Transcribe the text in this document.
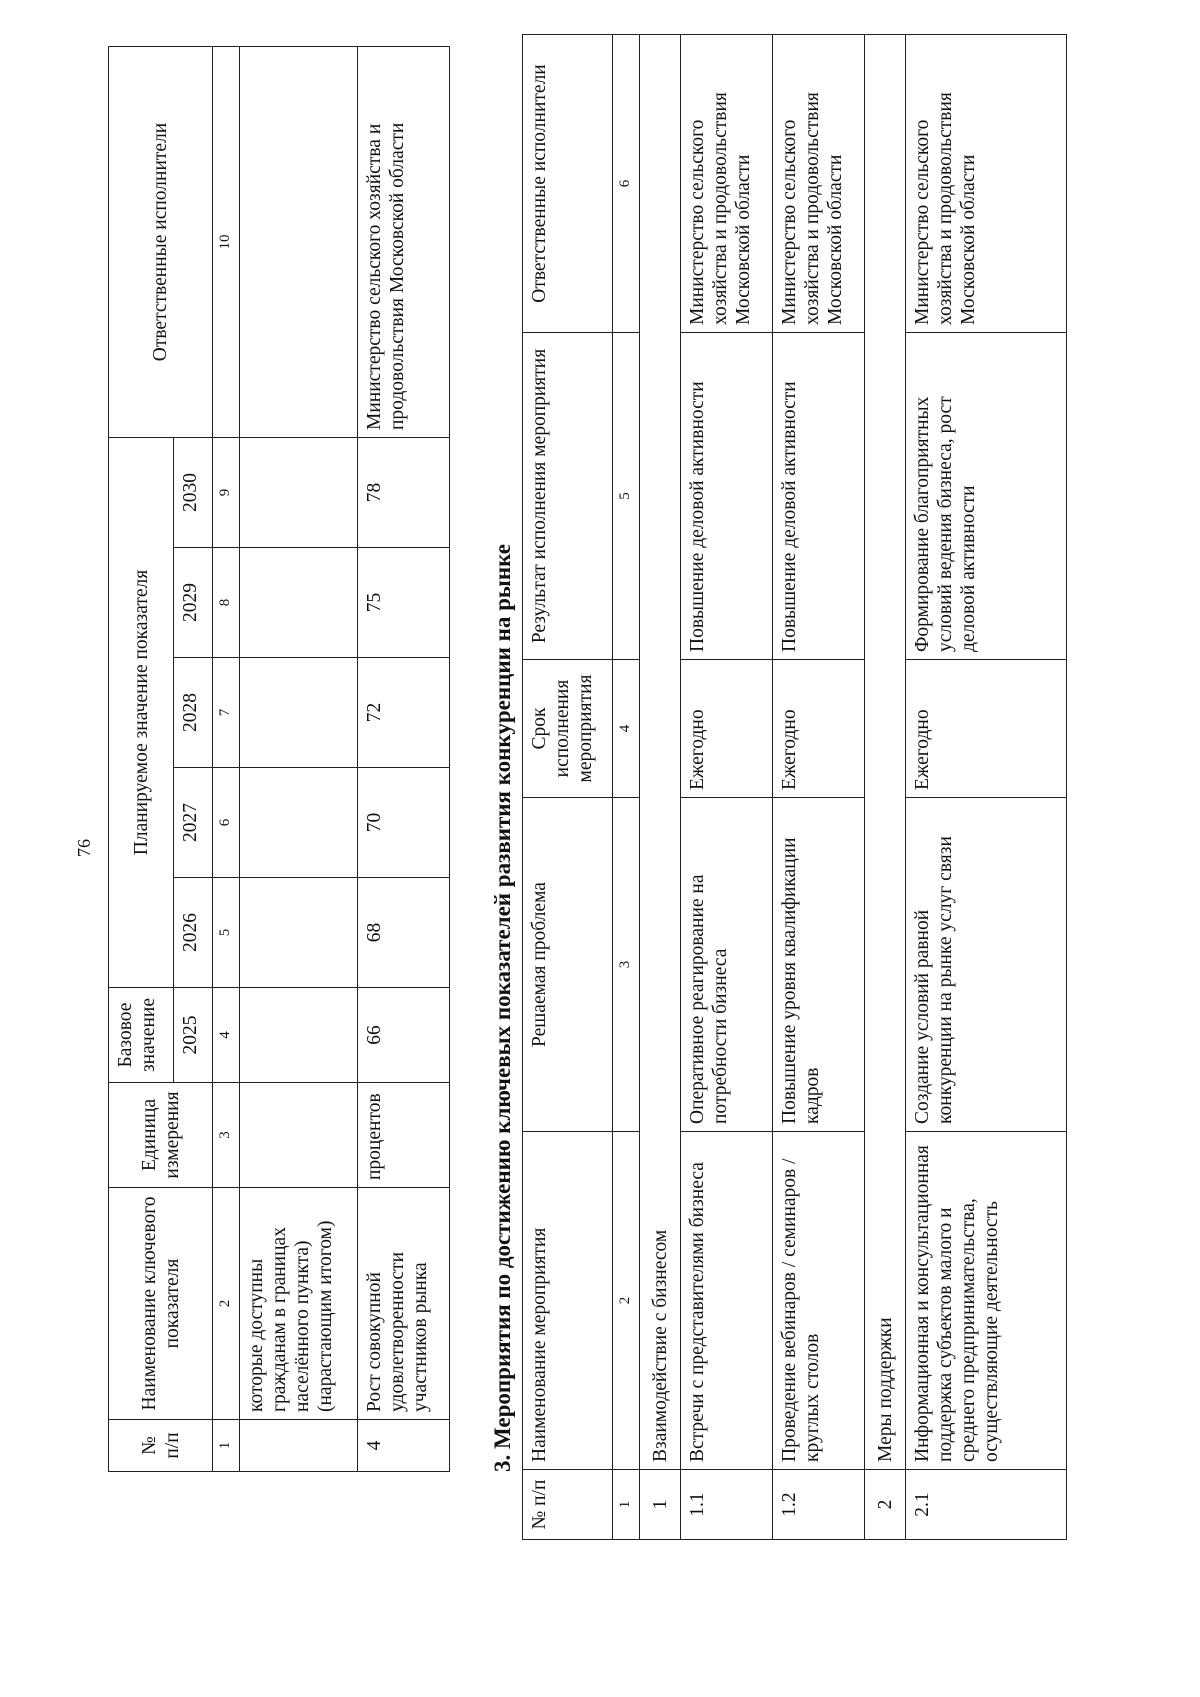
76
№ п/п	Наименование ключевого показателя	Единица измерения	Базовое значение	Планируемое значение показателя					Ответственные исполнители
			2025	2026	2027	2028	2029	2030	
1	2	3	4	5	6	7	8	9	10
	которые доступны гражданам в границах населённого пункта) (нарастающим итогом)								
4	Рост совокупной удовлетворенности участников рынка	процентов	66	68	70	72	75	78	Министерство сельского хозяйства и продовольствия Московской области
3. Мероприятия по достижению ключевых показателей развития конкуренции на рынке
№ п/п	Наименование мероприятия	Решаемая проблема	Срок исполнения мероприятия	Результат исполнения мероприятия	Ответственные исполнители
1	2	3	4	5	6
1	Взаимодействие с бизнесом				
1.1	Встречи с представителями бизнеса	Оперативное реагирование на потребности бизнеса	Ежегодно	Повышение деловой активности	Министерство сельского хозяйства и продовольствия Московской области
1.2	Проведение вебинаров / семинаров / круглых столов	Повышение уровня квалификации кадров	Ежегодно	Повышение деловой активности	Министерство сельского хозяйства и продовольствия Московской области
2	Меры поддержки				
2.1	Информационная и консультационная поддержка субъектов малого и среднего предпринимательства, осуществляющие деятельность	Создание условий равной конкуренции на рынке услуг связи	Ежегодно	Формирование благоприятных условий ведения бизнеса, рост деловой активности	Министерство сельского хозяйства и продовольствия Московской области
